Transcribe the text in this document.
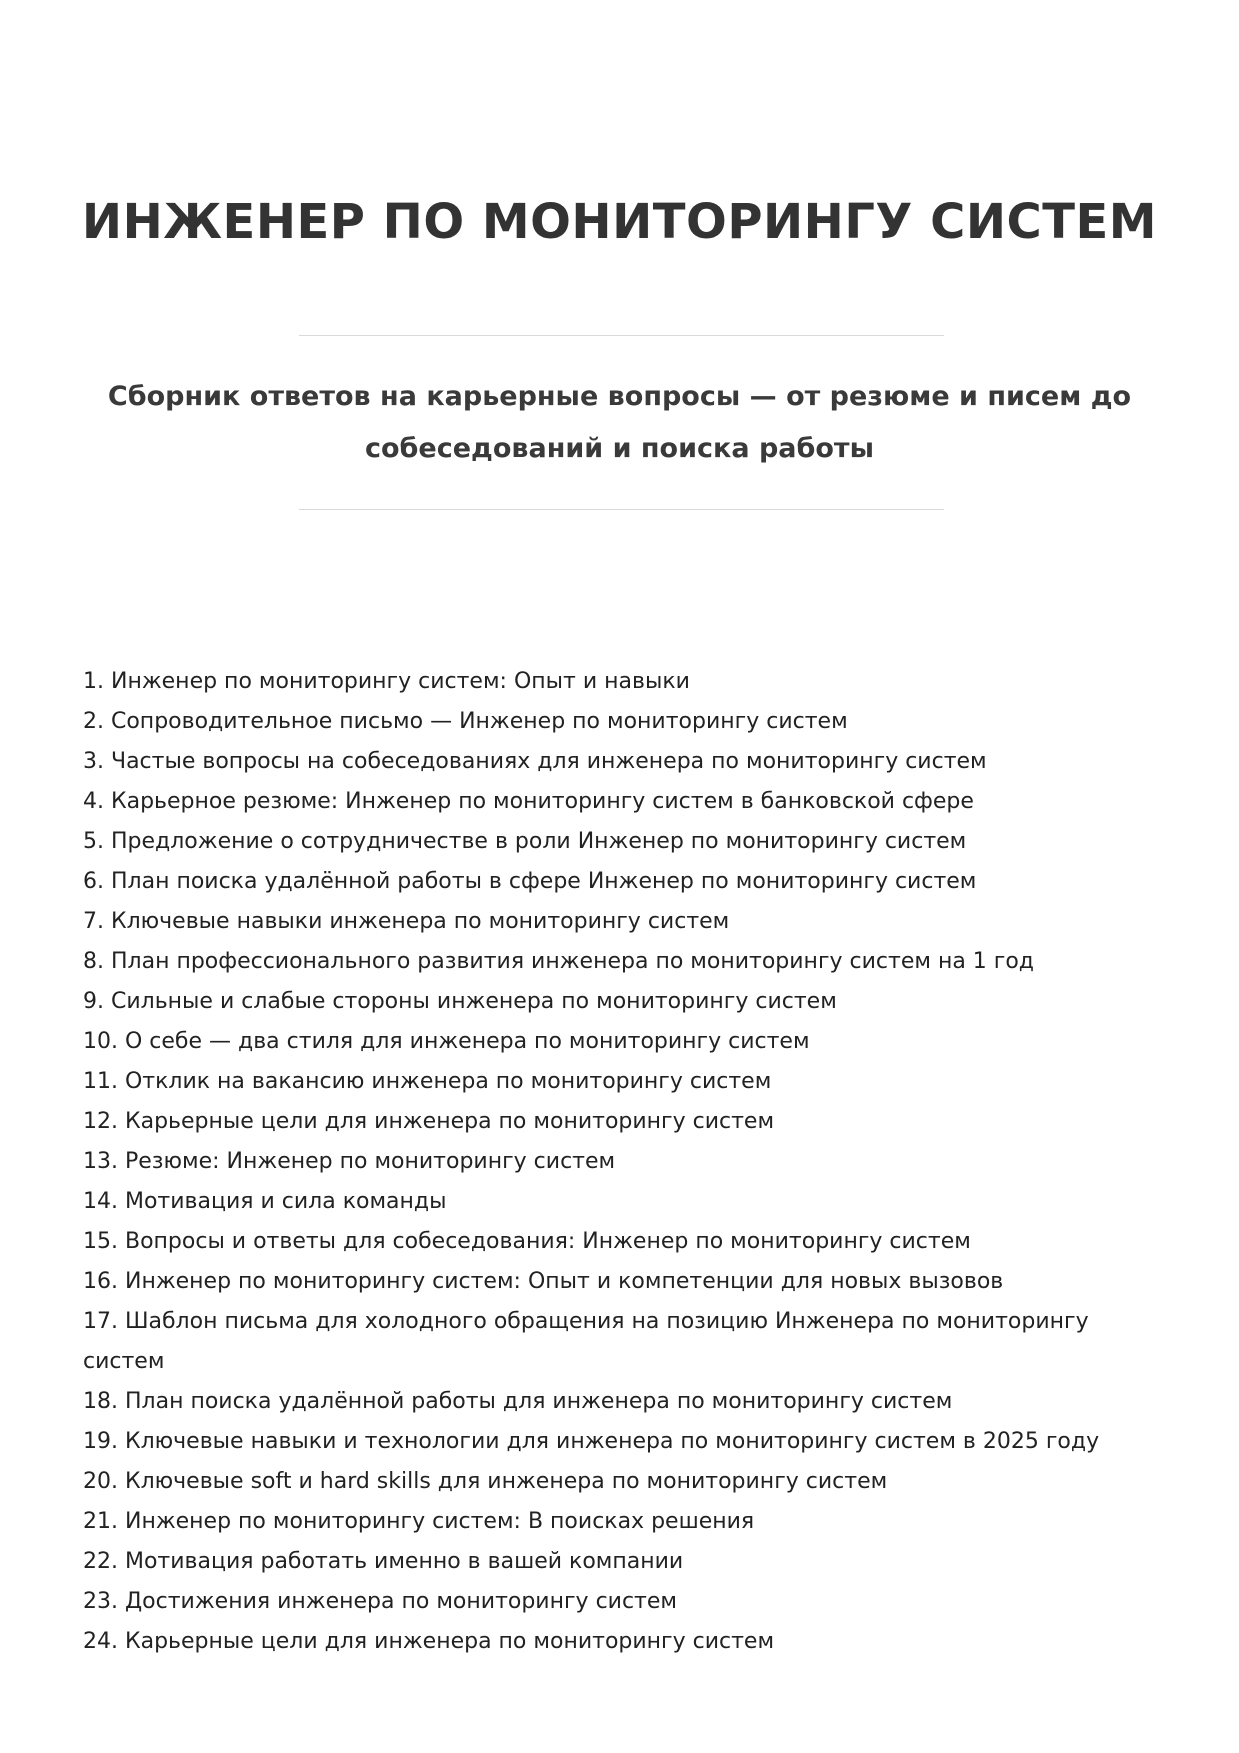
ИНЖЕНЕР ПО МОНИТОРИНГУ СИСТЕМ

Сборник ответов на карьерные вопросы — от резюме и писем до собеседований и поиска работы

1. Инженер по мониторингу систем: Опыт и навыки
2. Сопроводительное письмо — Инженер по мониторингу систем
3. Частые вопросы на собеседованиях для инженера по мониторингу систем
4. Карьерное резюме: Инженер по мониторингу систем в банковской сфере
5. Предложение о сотрудничестве в роли Инженер по мониторингу систем
6. План поиска удалённой работы в сфере Инженер по мониторингу систем
7. Ключевые навыки инженера по мониторингу систем
8. План профессионального развития инженера по мониторингу систем на 1 год
9. Сильные и слабые стороны инженера по мониторингу систем
10. О себе — два стиля для инженера по мониторингу систем
11. Отклик на вакансию инженера по мониторингу систем
12. Карьерные цели для инженера по мониторингу систем
13. Резюме: Инженер по мониторингу систем
14. Мотивация и сила команды
15. Вопросы и ответы для собеседования: Инженер по мониторингу систем
16. Инженер по мониторингу систем: Опыт и компетенции для новых вызовов
17. Шаблон письма для холодного обращения на позицию Инженера по мониторингу систем
18. План поиска удалённой работы для инженера по мониторингу систем
19. Ключевые навыки и технологии для инженера по мониторингу систем в 2025 году
20. Ключевые soft и hard skills для инженера по мониторингу систем
21. Инженер по мониторингу систем: В поисках решения
22. Мотивация работать именно в вашей компании
23. Достижения инженера по мониторингу систем
24. Карьерные цели для инженера по мониторингу систем
